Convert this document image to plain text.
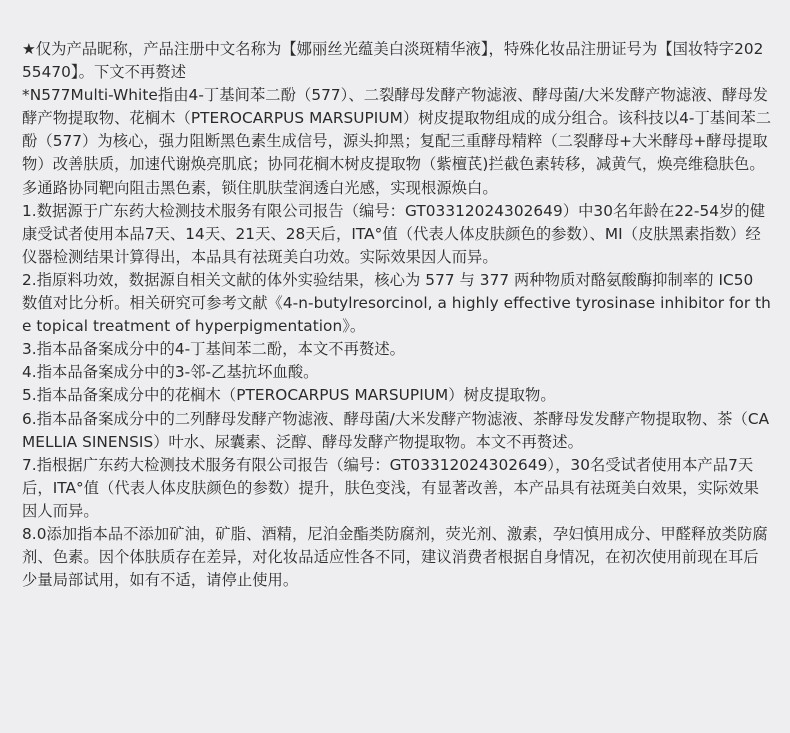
★仅为产品昵称，产品注册中文名称为【娜丽丝光蕴美白淡斑精华液】，特殊化妆品注册证号为【国妆特字20255470】。下文不再赘述

*N577Multi-White指由4-丁基间苯二酚（577）、二裂酵母发酵产物滤液、酵母菌/大米发酵产物滤液、酵母发酵产物提取物、花榈木（PTEROCARPUS MARSUPIUM）树皮提取物组成的成分组合。该科技以4-丁基间苯二酚（577）为核心，强力阻断黑色素生成信号，源头抑黑；复配三重酵母精粹（二裂酵母+大米酵母+酵母提取物）改善肤质，加速代谢焕亮肌底；协同花榈木树皮提取物（紫檀芪)拦截色素转移，减黄气，焕亮维稳肤色。多通路协同靶向阻击黑色素，锁住肌肤莹润透白光感，实现根源焕白。

1.数据源于广东药大检测技术服务有限公司报告（编号：GT03312024302649）中30名年龄在22-54岁的健康受试者使用本品7天、14天、21天、28天后，ITA°值（代表人体皮肤颜色的参数）、MI（皮肤黑素指数）经仪器检测结果计算得出，本品具有祛斑美白功效。实际效果因人而异。

2.指原料功效，数据源自相关文献的体外实验结果，核心为 577 与 377 两种物质对酪氨酸酶抑制率的 IC50 数值对比分析。相关研究可参考文献《4-n-butylresorcinol, a highly effective tyrosinase inhibitor for the topical treatment of hyperpigmentation》。

3.指本品备案成分中的4-丁基间苯二酚，本文不再赘述。

4.指本品备案成分中的3-邻-乙基抗坏血酸。

5.指本品备案成分中的花榈木（PTEROCARPUS MARSUPIUM）树皮提取物。

6.指本品备案成分中的二列酵母发酵产物滤液、酵母菌/大米发酵产物滤液、茶酵母发发酵产物提取物、茶（CAMELLIA SINENSIS）叶水、尿囊素、泛醇、酵母发酵产物提取物。本文不再赘述。

7.指根据广东药大检测技术服务有限公司报告（编号：GT03312024302649），30名受试者使用本产品7天后，ITA°值（代表人体皮肤颜色的参数）提升，肤色变浅，有显著改善，本产品具有祛斑美白效果，实际效果因人而异。

8.0添加指本品不添加矿油，矿脂、酒精，尼泊金酯类防腐剂，荧光剂、激素，孕妇慎用成分、甲醛释放类防腐剂、色素。因个体肤质存在差异，对化妆品适应性各不同，建议消费者根据自身情况，在初次使用前现在耳后少量局部试用，如有不适，请停止使用。
